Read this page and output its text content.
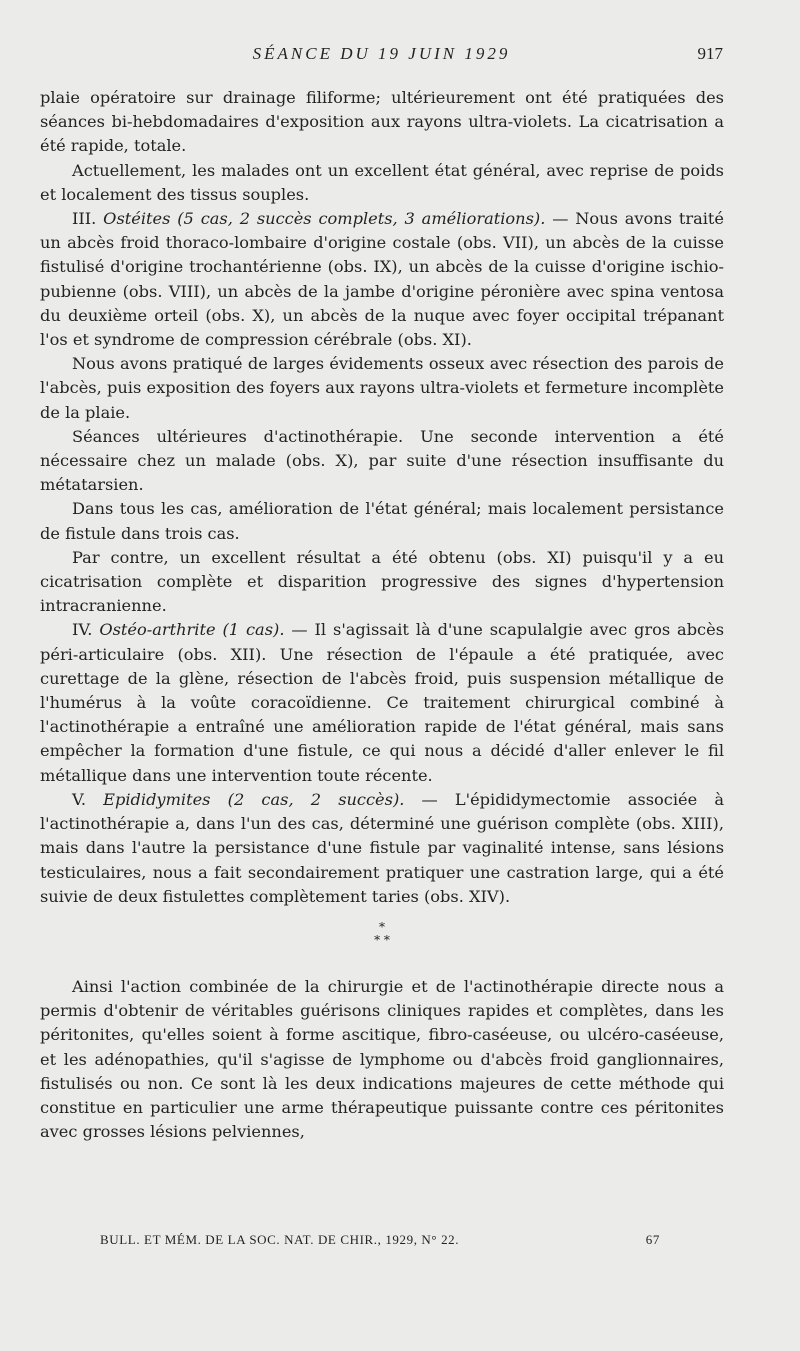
SÉANCE DU 19 JUIN 1929	917

plaie opératoire sur drainage filiforme; ultérieurement ont été pratiquées des séances bi-hebdomadaires d'exposition aux rayons ultra-violets. La cicatrisation a été rapide, totale.

Actuellement, les malades ont un excellent état général, avec reprise de poids et localement des tissus souples.

III. Ostéites (5 cas, 2 succès complets, 3 améliorations). — Nous avons traité un abcès froid thoraco-lombaire d'origine costale (obs. VII), un abcès de la cuisse fistulisé d'origine trochantérienne (obs. IX), un abcès de la cuisse d'origine ischio-pubienne (obs. VIII), un abcès de la jambe d'origine péronière avec spina ventosa du deuxième orteil (obs. X), un abcès de la nuque avec foyer occipital trépanant l'os et syndrome de compression cérébrale (obs. XI).

Nous avons pratiqué de larges évidements osseux avec résection des parois de l'abcès, puis exposition des foyers aux rayons ultra-violets et fermeture incomplète de la plaie.

Séances ultérieures d'actinothérapie. Une seconde intervention a été nécessaire chez un malade (obs. X), par suite d'une résection insuffisante du métatarsien.

Dans tous les cas, amélioration de l'état général; mais localement persistance de fistule dans trois cas.

Par contre, un excellent résultat a été obtenu (obs. XI) puisqu'il y a eu cicatrisation complète et disparition progressive des signes d'hypertension intracranienne.

IV. Ostéo-arthrite (1 cas). — Il s'agissait là d'une scapulalgie avec gros abcès péri-articulaire (obs. XII). Une résection de l'épaule a été pratiquée, avec curettage de la glène, résection de l'abcès froid, puis suspension métallique de l'humérus à la voûte coracoïdienne. Ce traitement chirurgical combiné à l'actinothérapie a entraîné une amélioration rapide de l'état général, mais sans empêcher la formation d'une fistule, ce qui nous a décidé d'aller enlever le fil métallique dans une intervention toute récente.

V. Epididymites (2 cas, 2 succès). — L'épididymectomie associée à l'actinothérapie a, dans l'un des cas, déterminé une guérison complète (obs. XIII), mais dans l'autre la persistance d'une fistule par vaginalité intense, sans lésions testiculaires, nous a fait secondairement pratiquer une castration large, qui a été suivie de deux fistulettes complètement taries (obs. XIV).

*
* *

Ainsi l'action combinée de la chirurgie et de l'actinothérapie directe nous a permis d'obtenir de véritables guérisons cliniques rapides et complètes, dans les péritonites, qu'elles soient à forme ascitique, fibro-caséeuse, ou ulcéro-caséeuse, et les adénopathies, qu'il s'agisse de lymphome ou d'abcès froid ganglionnaires, fistulisés ou non. Ce sont là les deux indications majeures de cette méthode qui constitue en particulier une arme thérapeutique puissante contre ces péritonites avec grosses lésions pelviennes,

BULL. ET MÉM. DE LA SOC. NAT. DE CHIR., 1929, N° 22.	67
